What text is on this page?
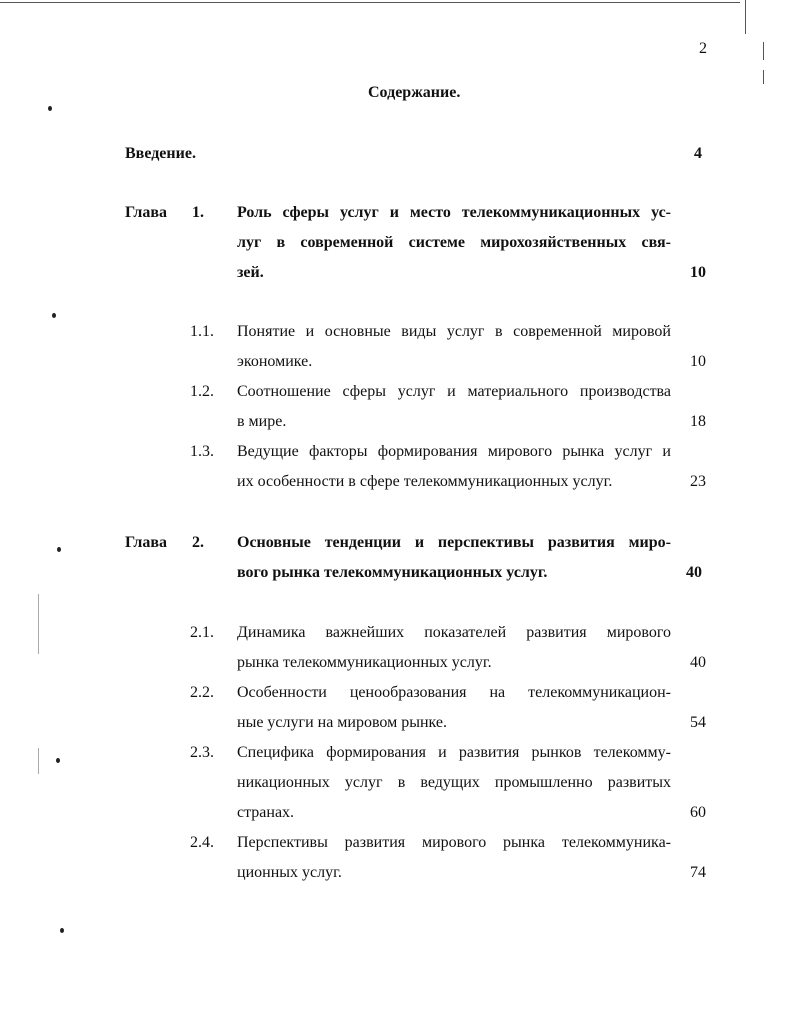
2
Содержание.
Введение.	4
Глава 1. Роль сферы услуг и место телекоммуникационных ус-
луг в современной системе мирохозяйственных свя-
зей.	10
1.1. Понятие и основные виды услуг в современной мировой
экономике.	10
1.2. Соотношение сферы услуг и материального производства
в мире.	18
1.3. Ведущие факторы формирования мирового рынка услуг и
их особенности в сфере телекоммуникационных услуг.	23
Глава 2. Основные тенденции и перспективы развития миро-
вого рынка телекоммуникационных услуг.	40
2.1. Динамика важнейших показателей развития мирового
рынка телекоммуникационных услуг.	40
2.2. Особенности ценообразования на телекоммуникацион-
ные услуги на мировом рынке.	54
2.3. Специфика формирования и развития рынков телекомму-
никационных услуг в ведущих промышленно развитых
странах.	60
2.4. Перспективы развития мирового рынка телекоммуника-
ционных услуг.	74
